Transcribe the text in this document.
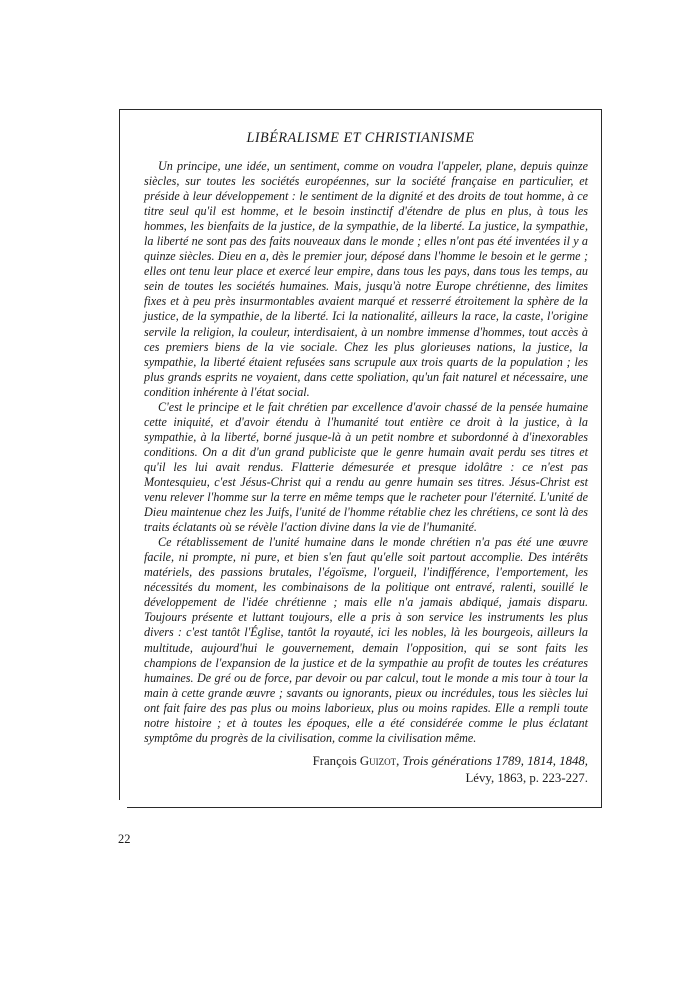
LIBÉRALISME ET CHRISTIANISME

Un principe, une idée, un sentiment, comme on voudra l'appeler, plane, depuis quinze siècles, sur toutes les sociétés européennes, sur la société française en particulier, et préside à leur développement : le sentiment de la dignité et des droits de tout homme, à ce titre seul qu'il est homme, et le besoin instinctif d'étendre de plus en plus, à tous les hommes, les bienfaits de la justice, de la sympathie, de la liberté. La justice, la sympathie, la liberté ne sont pas des faits nouveaux dans le monde ; elles n'ont pas été inventées il y a quinze siècles. Dieu en a, dès le premier jour, déposé dans l'homme le besoin et le germe ; elles ont tenu leur place et exercé leur empire, dans tous les pays, dans tous les temps, au sein de toutes les sociétés humaines. Mais, jusqu'à notre Europe chrétienne, des limites fixes et à peu près insurmontables avaient marqué et resserré étroitement la sphère de la justice, de la sympathie, de la liberté. Ici la nationalité, ailleurs la race, la caste, l'origine servile la religion, la couleur, interdisaient, à un nombre immense d'hommes, tout accès à ces premiers biens de la vie sociale. Chez les plus glorieuses nations, la justice, la sympathie, la liberté étaient refusées sans scrupule aux trois quarts de la population ; les plus grands esprits ne voyaient, dans cette spoliation, qu'un fait naturel et nécessaire, une condition inhérente à l'état social.

C'est le principe et le fait chrétien par excellence d'avoir chassé de la pensée humaine cette iniquité, et d'avoir étendu à l'humanité tout entière ce droit à la justice, à la sympathie, à la liberté, borné jusque-là à un petit nombre et subordonné à d'inexorables conditions. On a dit d'un grand publiciste que le genre humain avait perdu ses titres et qu'il les lui avait rendus. Flatterie démesurée et presque idolâtre : ce n'est pas Montesquieu, c'est Jésus-Christ qui a rendu au genre humain ses titres. Jésus-Christ est venu relever l'homme sur la terre en même temps que le racheter pour l'éternité. L'unité de Dieu maintenue chez les Juifs, l'unité de l'homme rétablie chez les chrétiens, ce sont là des traits éclatants où se révèle l'action divine dans la vie de l'humanité.

Ce rétablissement de l'unité humaine dans le monde chrétien n'a pas été une œuvre facile, ni prompte, ni pure, et bien s'en faut qu'elle soit partout accomplie. Des intérêts matériels, des passions brutales, l'égoïsme, l'orgueil, l'indifférence, l'emportement, les nécessités du moment, les combinaisons de la politique ont entravé, ralenti, souillé le développement de l'idée chrétienne ; mais elle n'a jamais abdiqué, jamais disparu. Toujours présente et luttant toujours, elle a pris à son service les instruments les plus divers : c'est tantôt l'Église, tantôt la royauté, ici les nobles, là les bourgeois, ailleurs la multitude, aujourd'hui le gouvernement, demain l'opposition, qui se sont faits les champions de l'expansion de la justice et de la sympathie au profit de toutes les créatures humaines. De gré ou de force, par devoir ou par calcul, tout le monde a mis tour à tour la main à cette grande œuvre ; savants ou ignorants, pieux ou incrédules, tous les siècles lui ont fait faire des pas plus ou moins laborieux, plus ou moins rapides. Elle a rempli toute notre histoire ; et à toutes les époques, elle a été considérée comme le plus éclatant symptôme du progrès de la civilisation, comme la civilisation même.

François Guizot, Trois générations 1789, 1814, 1848,
Lévy, 1863, p. 223-227.
22
